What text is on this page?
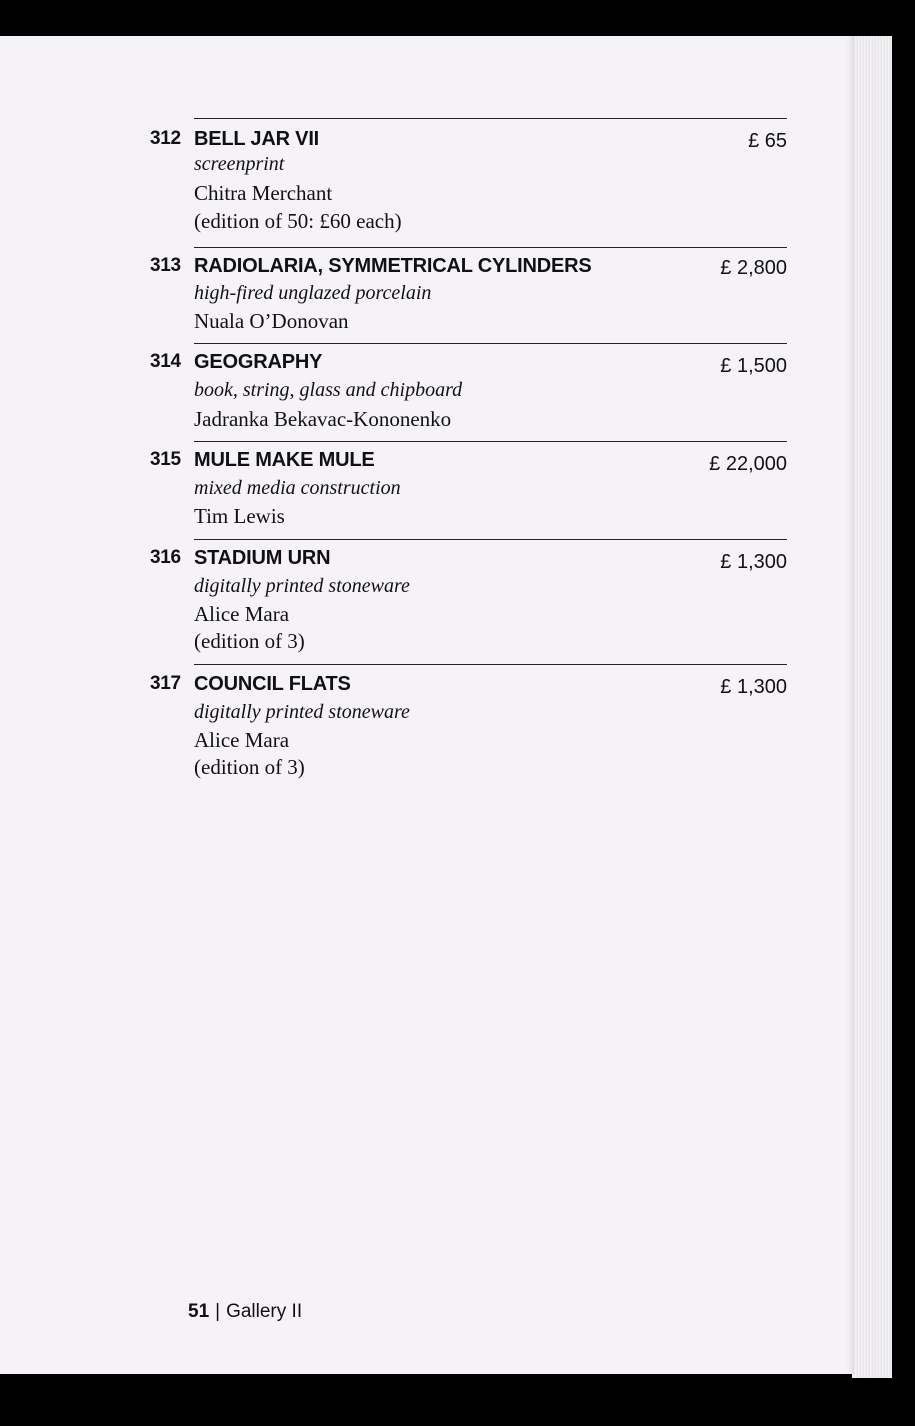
312 BELL JAR VII	£ 65
screenprint
Chitra Merchant
(edition of 50: £60 each)
313 RADIOLARIA, SYMMETRICAL CYLINDERS	£ 2,800
high-fired unglazed porcelain
Nuala O’Donovan
314 GEOGRAPHY	£ 1,500
book, string, glass and chipboard
Jadranka Bekavac-Kononenko
315 MULE MAKE MULE	£ 22,000
mixed media construction
Tim Lewis
316 STADIUM URN	£ 1,300
digitally printed stoneware
Alice Mara
(edition of 3)
317 COUNCIL FLATS	£ 1,300
digitally printed stoneware
Alice Mara
(edition of 3)
51 | Gallery II
